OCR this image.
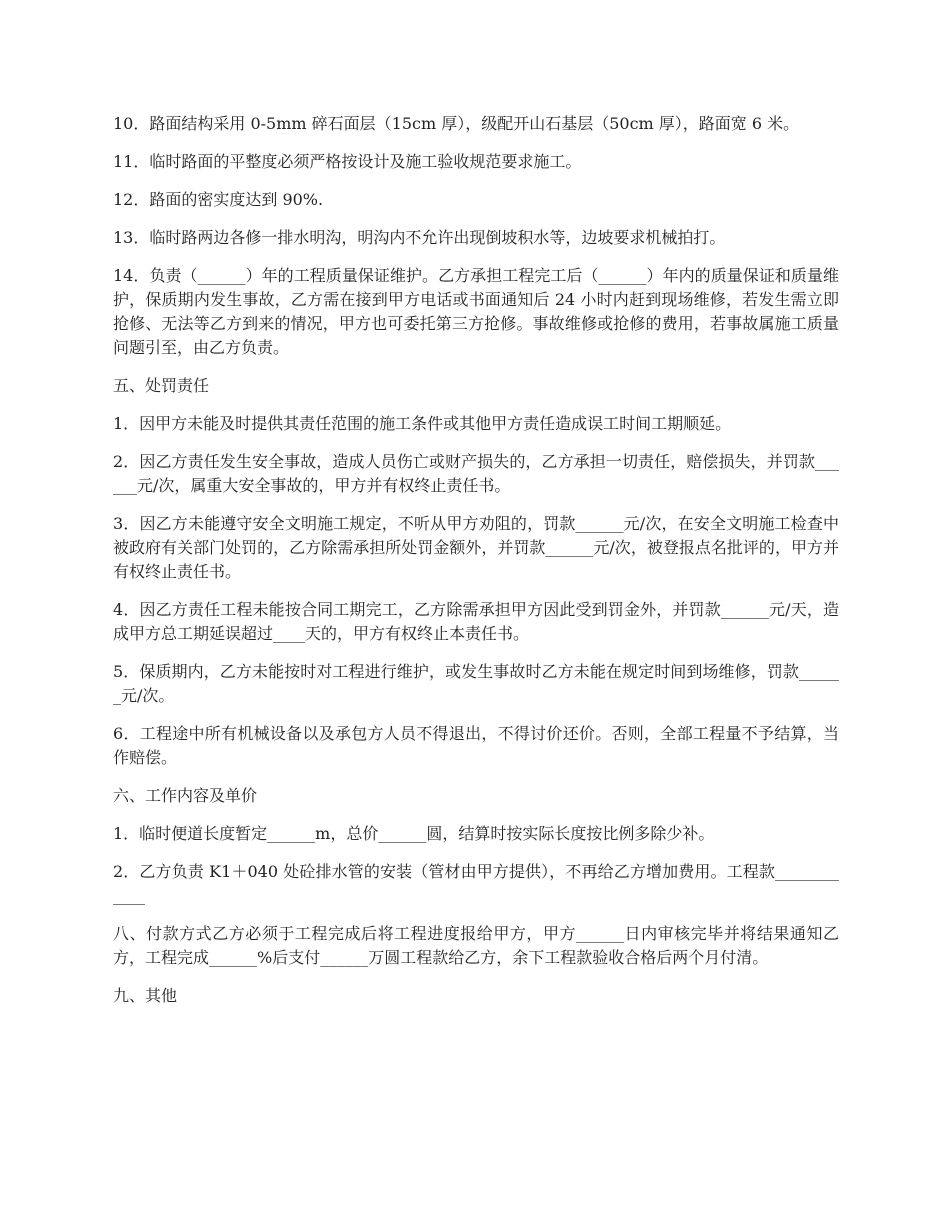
10．路面结构采用 0-5mm 碎石面层（15cm 厚），级配开山石基层（50cm 厚），路面宽 6 米。

11．临时路面的平整度必须严格按设计及施工验收规范要求施工。

12．路面的密实度达到 90%.

13．临时路两边各修一排水明沟，明沟内不允许出现倒坡积水等，边坡要求机械拍打。

14．负责（______）年的工程质量保证维护。乙方承担工程完工后（______）年内的质量保证和质量维护，保质期内发生事故，乙方需在接到甲方电话或书面通知后 24 小时内赶到现场维修，若发生需立即抢修、无法等乙方到来的情况，甲方也可委托第三方抢修。事故维修或抢修的费用，若事故属施工质量问题引至，由乙方负责。

五、处罚责任

1．因甲方未能及时提供其责任范围的施工条件或其他甲方责任造成误工时间工期顺延。

2．因乙方责任发生安全事故，造成人员伤亡或财产损失的，乙方承担一切责任，赔偿损失，并罚款______元/次，属重大安全事故的，甲方并有权终止责任书。

3．因乙方未能遵守安全文明施工规定，不听从甲方劝阻的，罚款______元/次，在安全文明施工检查中被政府有关部门处罚的，乙方除需承担所处罚金额外，并罚款______元/次，被登报点名批评的，甲方并有权终止责任书。

4．因乙方责任工程未能按合同工期完工，乙方除需承担甲方因此受到罚金外，并罚款______元/天，造成甲方总工期延误超过____天的，甲方有权终止本责任书。

5．保质期内，乙方未能按时对工程进行维护，或发生事故时乙方未能在规定时间到场维修，罚款______元/次。

6．工程途中所有机械设备以及承包方人员不得退出，不得讨价还价。否则，全部工程量不予结算，当作赔偿。

六、工作内容及单价

1．临时便道长度暂定______m，总价______圆，结算时按实际长度按比例多除少补。

2．乙方负责 K1＋040 处砼排水管的安装（管材由甲方提供），不再给乙方增加费用。工程款____________

八、付款方式乙方必须于工程完成后将工程进度报给甲方，甲方______日内审核完毕并将结果通知乙方，工程完成______%后支付______万圆工程款给乙方，余下工程款验收合格后两个月付清。

九、其他
